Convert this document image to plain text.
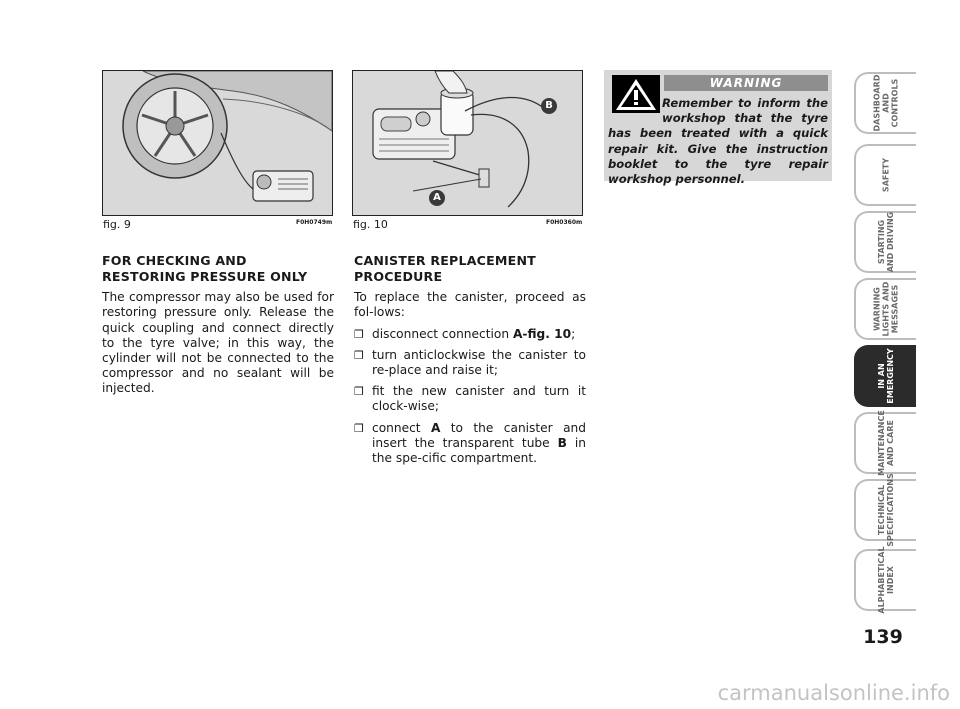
fig. 9	F0H0749m
B
A
fig. 10	F0H0360m
FOR CHECKING AND RESTORING PRESSURE ONLY
The compressor may also be used for restoring pressure only. Release the quick coupling and connect directly to the tyre valve; in this way, the cylinder will not be connected to the compressor and no sealant will be injected.
CANISTER REPLACEMENT PROCEDURE
To replace the canister, proceed as fol-lows:
❒ disconnect connection A-fig. 10;
❒ turn anticlockwise the canister to re-place and raise it;
❒ fit the new canister and turn it clock-wise;
❒ connect A to the canister and insert the transparent tube B in the spe-cific compartment.
WARNING
Remember to inform the workshop that the tyre has been treated with a quick repair kit. Give the instruction booklet to the tyre repair workshop personnel.
DASHBOARD
AND
CONTROLS
SAFETY
STARTING
AND DRIVING
WARNING
LIGHTS AND
MESSAGES
IN AN
EMERGENCY
MAINTENANCE
AND CARE
TECHNICAL
SPECIFICATIONS
ALPHABETICAL
INDEX
139
carmanualsonline.info
